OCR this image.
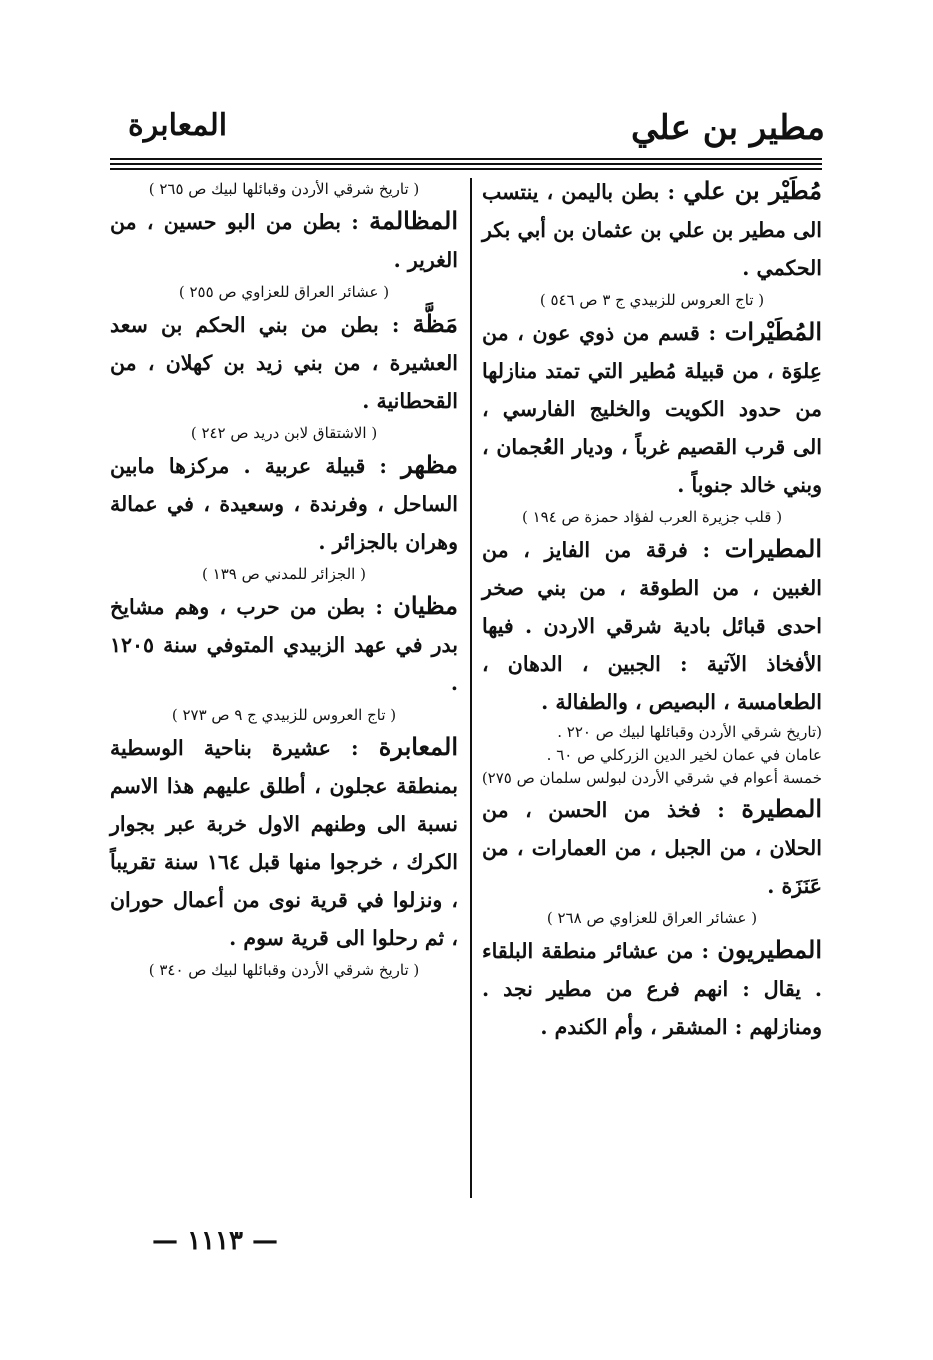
مطير بن علي
المعابرة

مُطَيْر بن علي : بطن باليمن ، ينتسب الى مطير بن علي بن عثمان بن أبي بكر الحكمي .

( تاج العروس للزبيدي ج ٣ ص ٥٤٦ )

المُطَيْرات : قسم من ذوي عون ، من عِلوَة ، من قبيلة مُطير التي تمتد منازلها من حدود الكويت والخليج الفارسي ، الى قرب القصيم غرباً ، وديار العُجمان ، وبني خالد جنوباً .

( قلب جزيرة العرب لفؤاد حمزة ص ١٩٤ )

المطيرات : فرقة من الفايز ، من الغبين ، من الطوقة ، من بني صخر احدى قبائل بادية شرقي الاردن . فيها الأفخاذ الآتية : الجبين ، الدهان ، الطعامسة ، البصيص ، والطفالة .

(تاريخ شرقي الأردن وقبائلها لبيك ص ٢٢٠ .

عامان في عمان لخير الدين الزركلي ص ٦٠ .

خمسة أعوام في شرقي الأردن لبولس سلمان ص ٢٧٥)

المطيرة : فخذ من الحسن ، من الحلان ، من الجبل ، من العمارات ، من عَنَزَة .

( عشائر العراق للعزاوي ص ٢٦٨ )

المطيريون : من عشائر منطقة البلقاء . يقال : انهم فرع من مطير نجد . ومنازلهم : المشقر ، وأم الكندم .

( تاريخ شرقي الأردن وقبائلها لبيك ص ٢٦٥ )

المظالمة : بطن من البو حسين ، من الغرير .

( عشائر العراق للعزاوي ص ٢٥٥ )

مَظَّة : بطن من بني الحكم بن سعد العشيرة ، من بني زيد بن كهلان ، من القحطانية .

( الاشتقاق لابن دريد ص ٢٤٢ )

مظهر : قبيلة عربية . مركزها مابين الساحل ، وفرندة ، وسعيدة ، في عمالة وهران بالجزائر .

( الجزائر للمدني ص ١٣٩ )

مظيان : بطن من حرب ، وهم مشايخ بدر في عهد الزبيدي المتوفي سنة ١٢٠٥ .

( تاج العروس للزبيدي ج ٩ ص ٢٧٣ )

المعابرة : عشيرة بناحية الوسطية بمنطقة عجلون ، أطلق عليهم هذا الاسم نسبة الى وطنهم الاول خربة عبر بجوار الكرك ، خرجوا منها قبل ١٦٤ سنة تقريباً ، ونزلوا في قرية نوى من أعمال حوران ، ثم رحلوا الى قرية سوم .

( تاريخ شرقي الأردن وقبائلها لبيك ص ٣٤٠ )

— ١١١٣ —
